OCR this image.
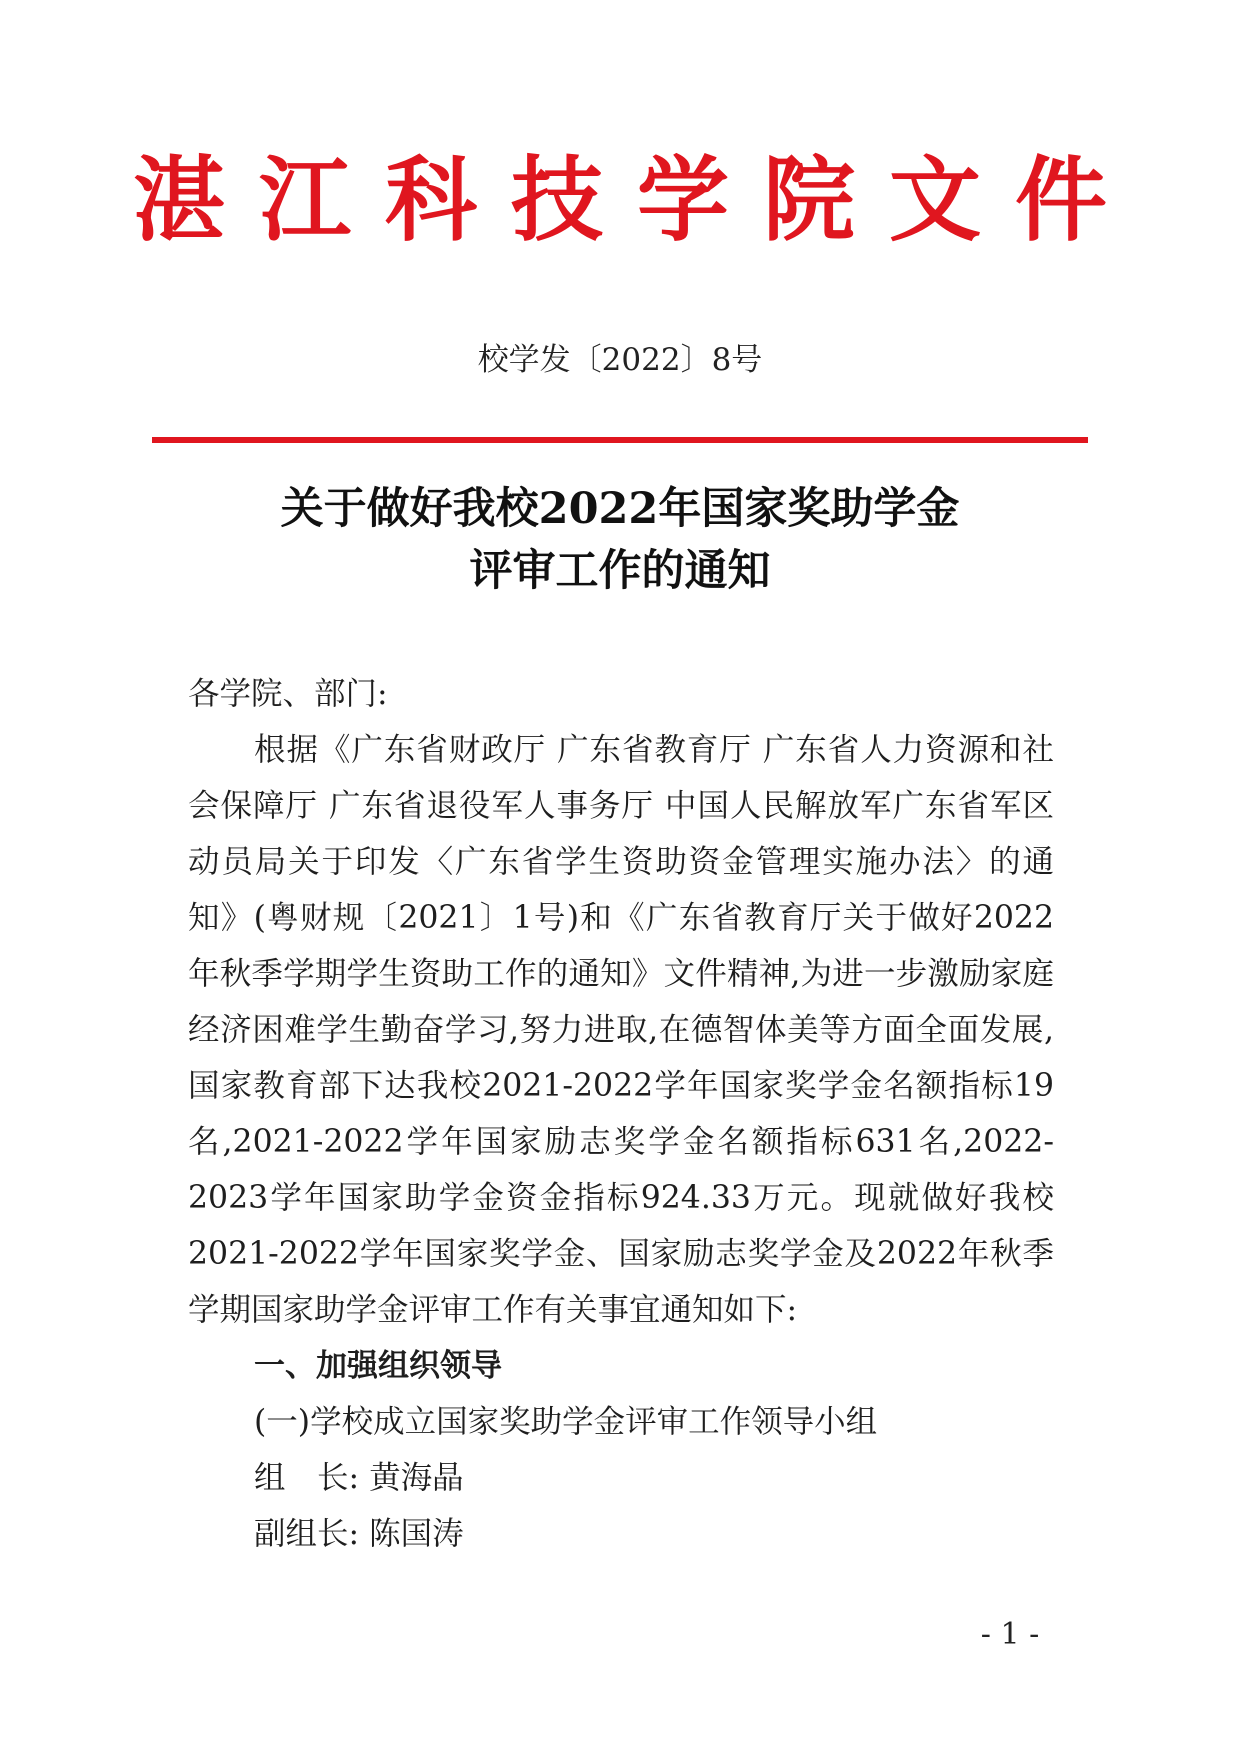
湛江科技学院文件
校学发〔2022〕8号
关于做好我校2022年国家奖助学金
评审工作的通知
各学院、部门:
根据《广东省财政厅 广东省教育厅 广东省人力资源和社会保障厅 广东省退役军人事务厅 中国人民解放军广东省军区动员局关于印发〈广东省学生资助资金管理实施办法〉的通知》(粤财规〔2021〕1号)和《广东省教育厅关于做好2022年秋季学期学生资助工作的通知》文件精神,为进一步激励家庭经济困难学生勤奋学习,努力进取,在德智体美等方面全面发展,国家教育部下达我校2021-2022学年国家奖学金名额指标19名,2021-2022学年国家励志奖学金名额指标631名,2022-2023学年国家助学金资金指标924.33万元。现就做好我校2021-2022学年国家奖学金、国家励志奖学金及2022年秋季学期国家助学金评审工作有关事宜通知如下:
一、加强组织领导
(一)学校成立国家奖助学金评审工作领导小组
组　长: 黄海晶
副组长: 陈国涛
- 1 -
